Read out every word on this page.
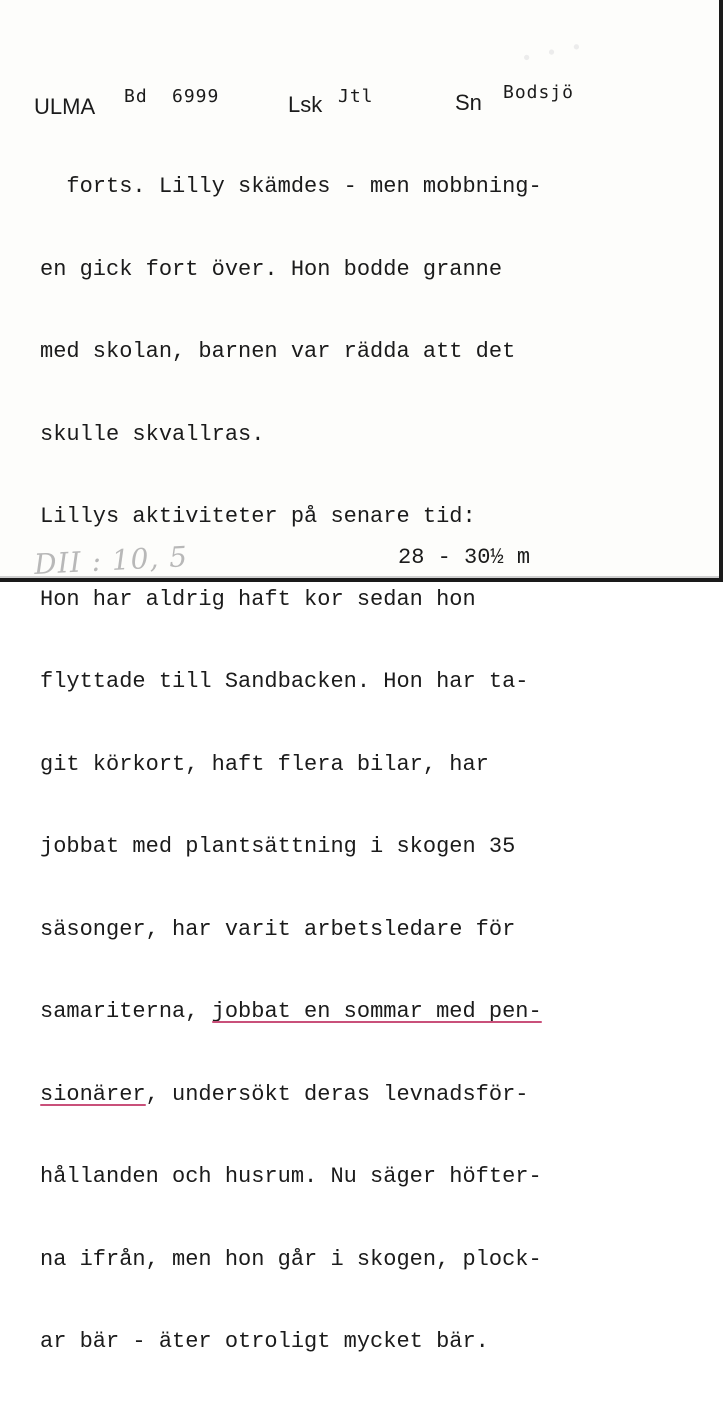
· · ·
ULMA Bd 6999	Lsk Jtl	Sn Bodsjö

forts. Lilly skämdes - men mobbning-

en gick fort över. Hon bodde granne

med skolan, barnen var rädda att det

skulle skvallras.

Lillys aktiviteter på senare tid:

Hon har aldrig haft kor sedan hon

flyttade till Sandbacken. Hon har ta-

git körkort, haft flera bilar, har

jobbat med plantsättning i skogen 35

säsonger, har varit arbetsledare för

samariterna, jobbat en sommar med pen-

sionärer, undersökt deras levnadsför-

hållanden och husrum. Nu säger höfter-

na ifrån, men hon går i skogen, plock-

ar bär - äter otroligt mycket bär.

DII : 10, 5	28 - 30½ m
